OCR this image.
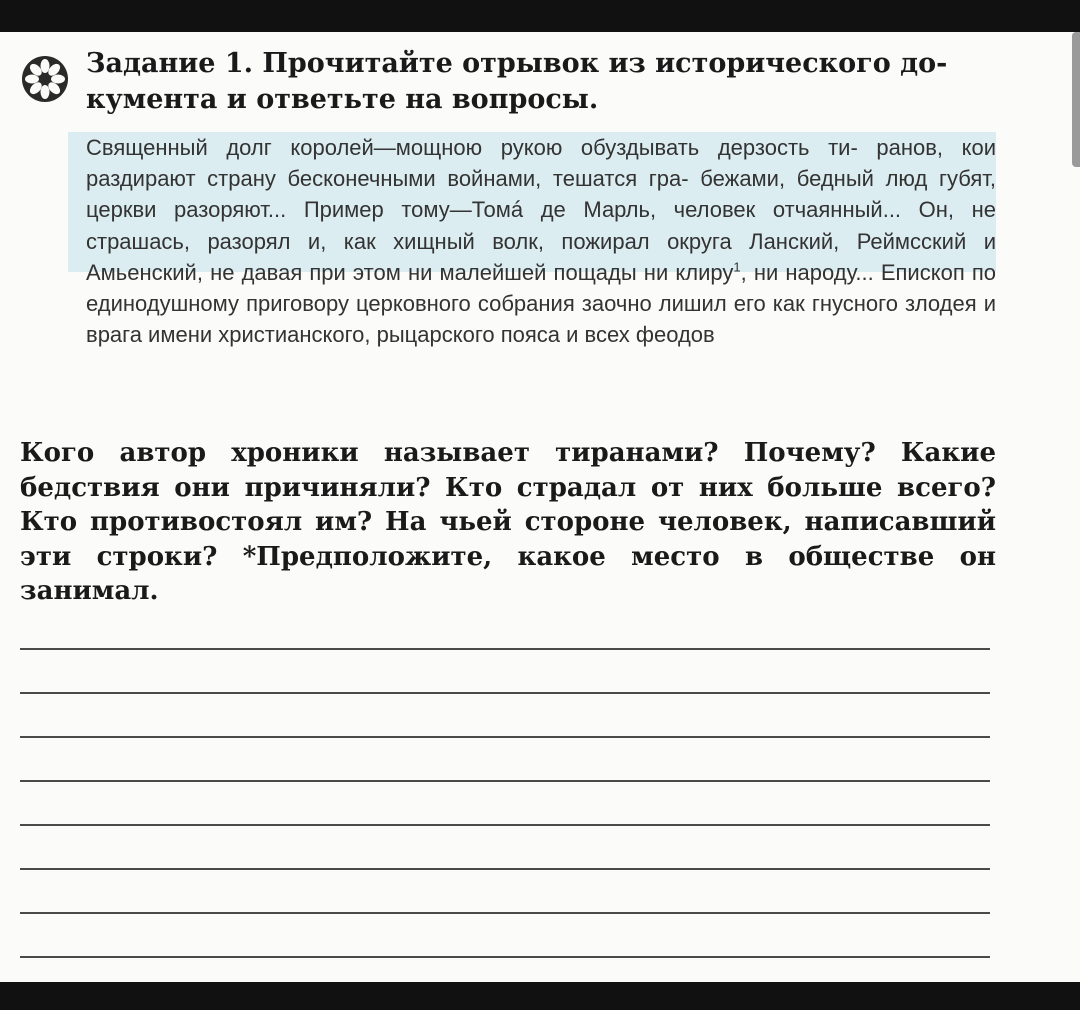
Задание 1. Прочитайте отрывок из исторического до- кумента и ответьте на вопросы.

Священный долг королей—мощною рукою обуздывать дерзость ти- ранов, кои раздирают страну бесконечными войнами, тешатся гра- бежами, бедный люд губят, церкви разоряют... Пример тому—Томá де Марль, человек отчаянный... Он, не страшась, разорял и, как хищный волк, пожирал округа Ланский, Реймсский и Амьенский, не давая при этом ни малейшей пощады ни клиру$^1$, ни народу... Епископ по единодушному приговору церковного собрания заочно лишил его как гнусного злодея и врага имени христианского, рыцарского пояса и всех феодов

Кого автор хроники называет тиранами? Почему? Какие бедствия они причиняли? Кто страдал от них больше всего? Кто противостоял им? На чьей стороне человек, написавший эти строки? *Предположите, какое место в обществе он занимал.
